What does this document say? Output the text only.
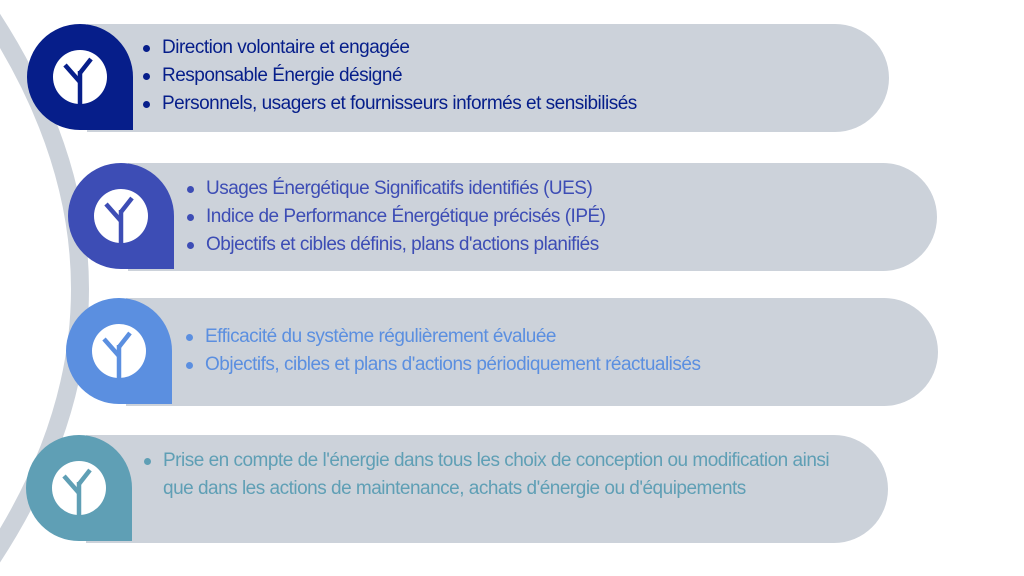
Direction volontaire et engagée
Responsable Énergie désigné
Personnels, usagers et fournisseurs informés et sensibilisés
Usages Énergétique Significatifs identifiés (UES)
Indice de Performance Énergétique précisés (IPÉ)
Objectifs et cibles définis, plans d'actions planifiés
Efficacité du système régulièrement évaluée
Objectifs, cibles et plans d'actions périodiquement réactualisés
Prise en compte de l'énergie dans tous les choix de conception ou modification ainsi que dans les actions de maintenance, achats d'énergie ou d'équipements
